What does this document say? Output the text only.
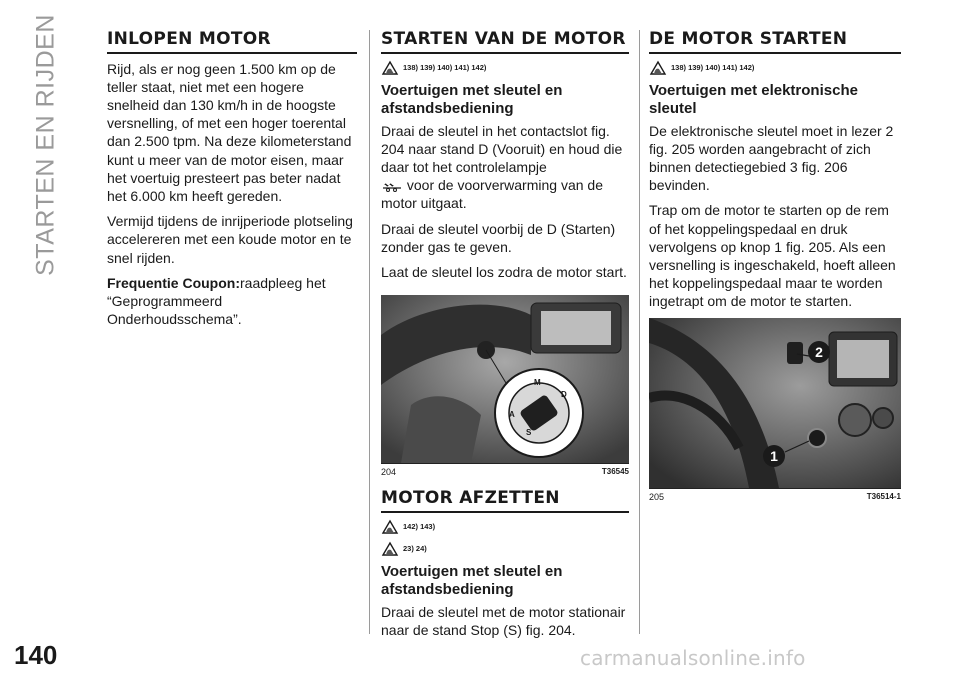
STARTEN EN RIJDEN
140	carmanualsonline.info
INLOPEN MOTOR

Rijd, als er nog geen 1.500 km op de teller staat, niet met een hogere snelheid dan 130 km/h in de hoogste versnelling, of met een hoger toerental dan 2.500 tpm. Na deze kilometerstand kunt u meer van de motor eisen, maar het voertuig presteert pas beter nadat het 6.000 km heeft gereden.

Vermijd tijdens de inrijperiode plotseling accelereren met een koude motor en te snel rijden.

Frequentie Coupon:raadpleeg het “Geprogrammeerd Onderhoudsschema”.

STARTEN VAN DE MOTOR
138) 139) 140) 141) 142)
Voertuigen met sleutel en afstandsbediening

Draai de sleutel in het contactslot fig. 204 naar stand D (Vooruit) en houd die daar tot het controlelampje
voor de voorverwarming van de motor uitgaat.

Draai de sleutel voorbij de D (Starten) zonder gas te geven.

Laat de sleutel los zodra de motor start.

A
M
S
D
204	T36545
MOTOR AFZETTEN
142) 143)
23) 24)
Voertuigen met sleutel en afstandsbediening

Draai de sleutel met de motor stationair naar de stand Stop (S) fig. 204.

DE MOTOR STARTEN
138) 139) 140) 141) 142)
Voertuigen met elektronische sleutel

De elektronische sleutel moet in lezer 2 fig. 205 worden aangebracht of zich binnen detectiegebied 3 fig. 206 bevinden.

Trap om de motor te starten op de rem of het koppelingspedaal en druk vervolgens op knop 1 fig. 205. Als een versnelling is ingeschakeld, hoeft alleen het koppelingspedaal maar te worden ingetrapt om de motor te starten.

2
1
205	T36514-1
